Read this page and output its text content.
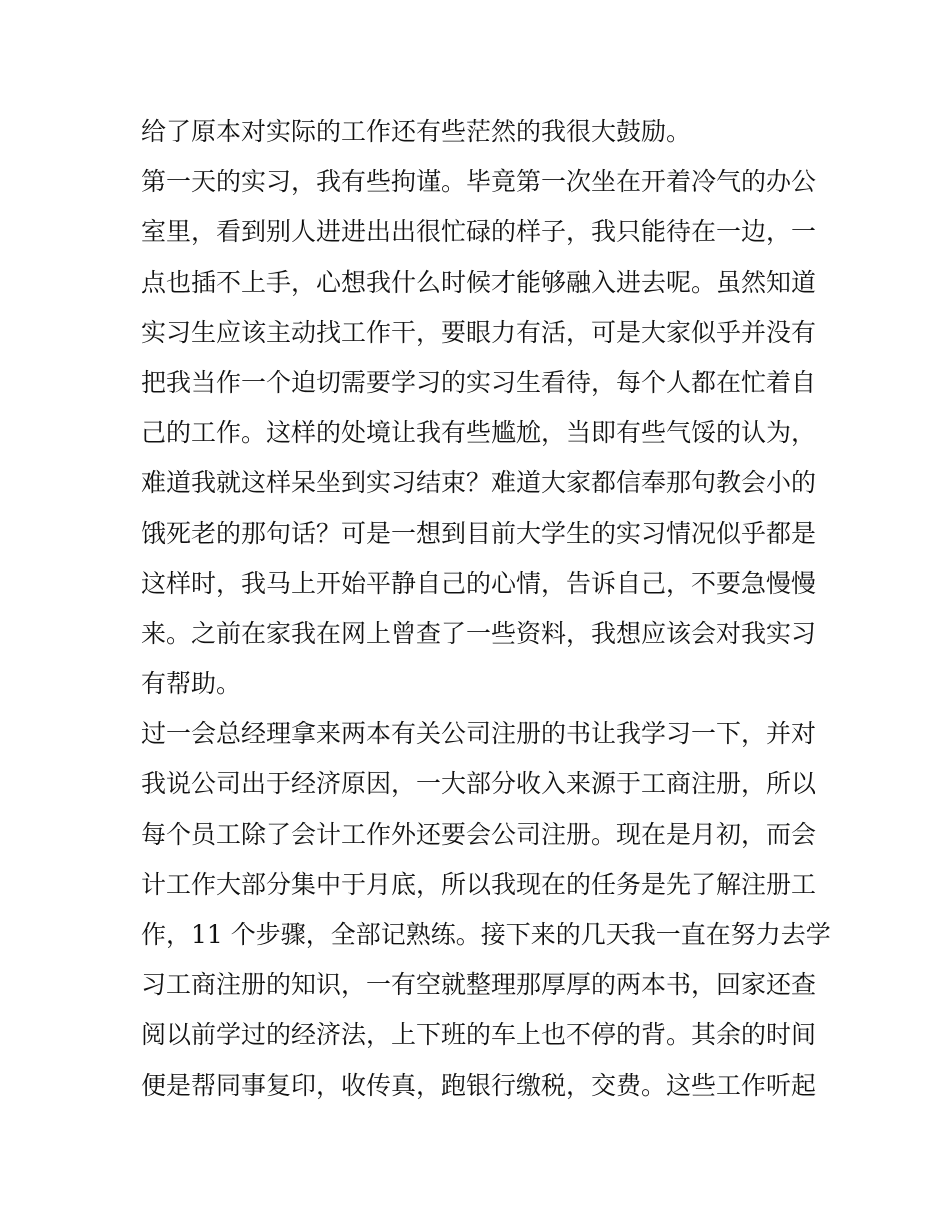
给了原本对实际的工作还有些茫然的我很大鼓励。
第一天的实习，我有些拘谨。毕竟第一次坐在开着冷气的办公
室里，看到别人进进出出很忙碌的样子，我只能待在一边，一
点也插不上手，心想我什么时候才能够融入进去呢。虽然知道
实习生应该主动找工作干，要眼力有活，可是大家似乎并没有
把我当作一个迫切需要学习的实习生看待，每个人都在忙着自
己的工作。这样的处境让我有些尴尬，当即有些气馁的认为，
难道我就这样呆坐到实习结束？难道大家都信奉那句教会小的
饿死老的那句话？可是一想到目前大学生的实习情况似乎都是
这样时，我马上开始平静自己的心情，告诉自己，不要急慢慢
来。之前在家我在网上曾查了一些资料，我想应该会对我实习
有帮助。
过一会总经理拿来两本有关公司注册的书让我学习一下，并对
我说公司出于经济原因，一大部分收入来源于工商注册，所以
每个员工除了会计工作外还要会公司注册。现在是月初，而会
计工作大部分集中于月底，所以我现在的任务是先了解注册工
作，11 个步骤，全部记熟练。接下来的几天我一直在努力去学
习工商注册的知识，一有空就整理那厚厚的两本书，回家还查
阅以前学过的经济法，上下班的车上也不停的背。其余的时间
便是帮同事复印，收传真，跑银行缴税，交费。这些工作听起
